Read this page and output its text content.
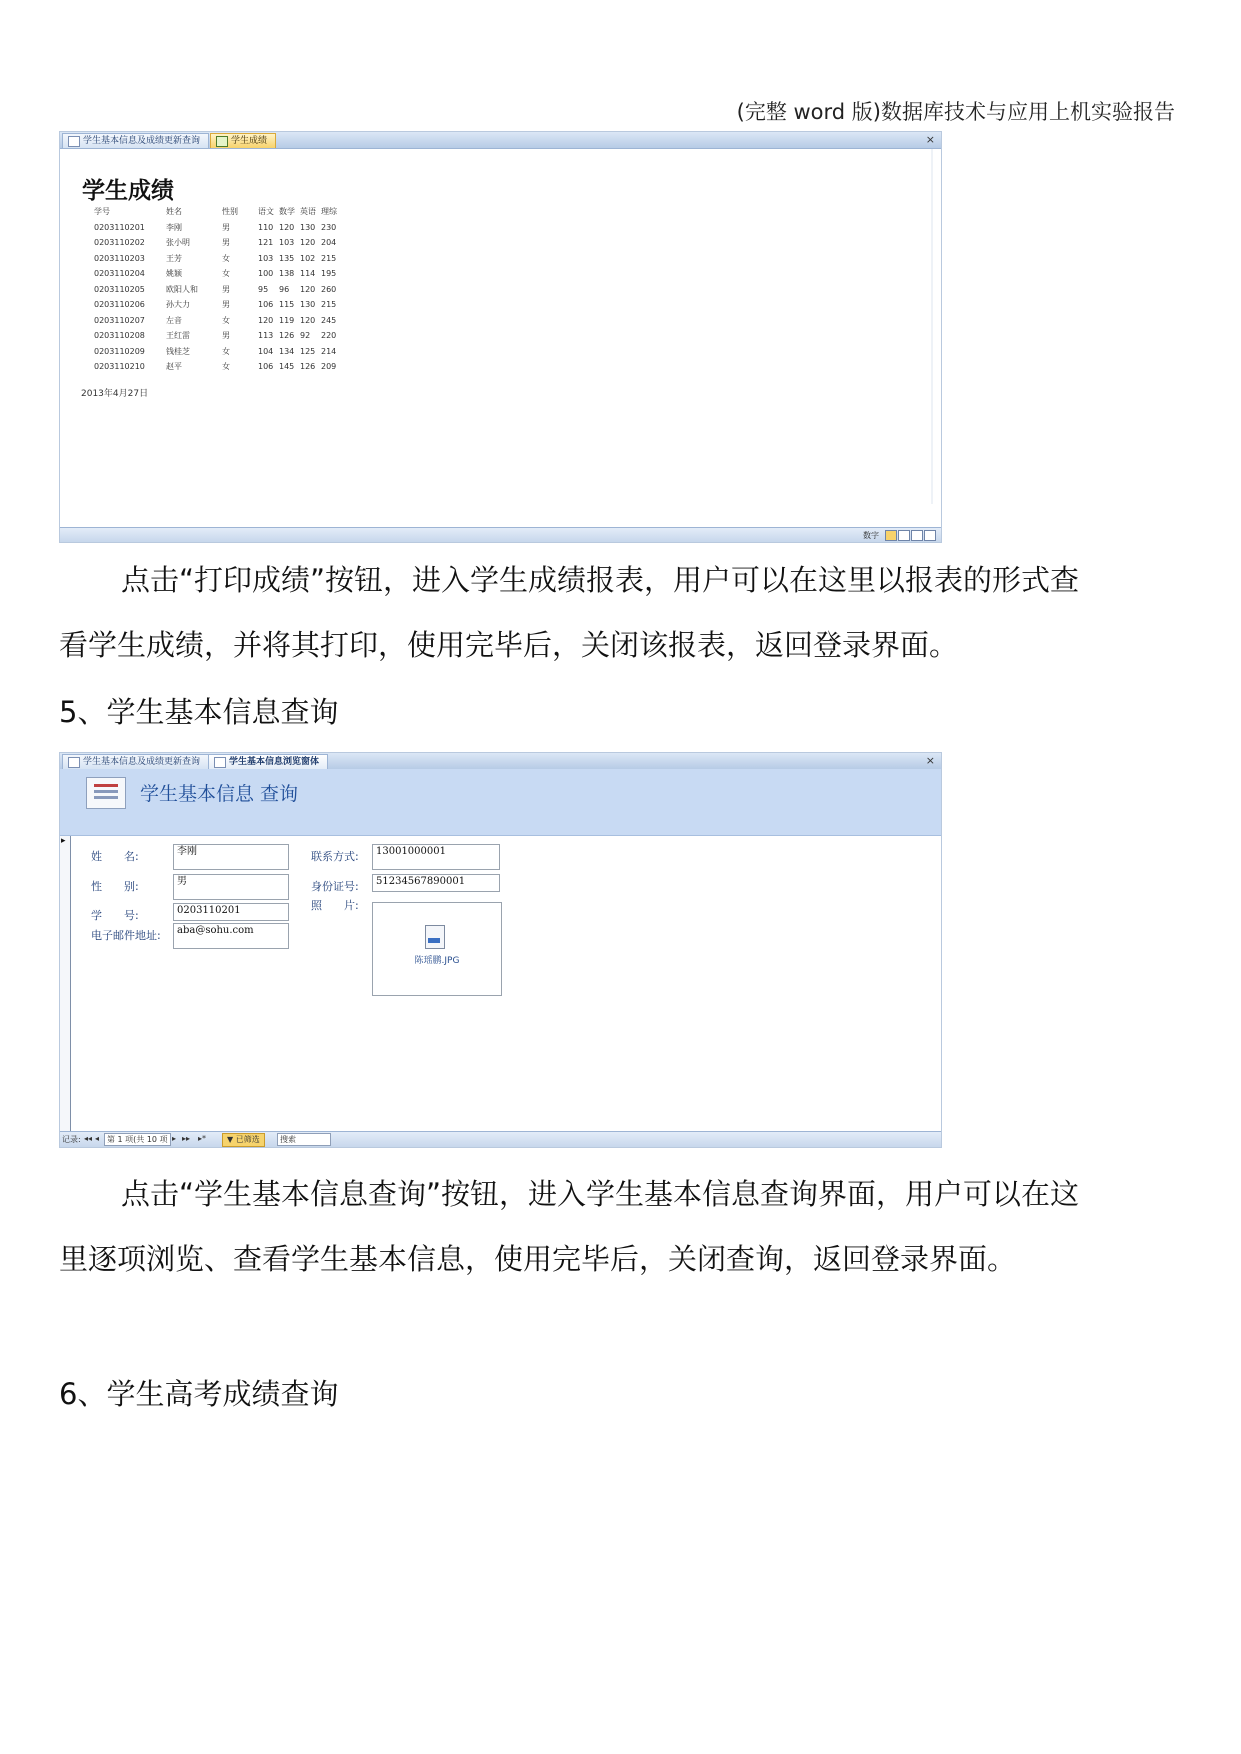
(完整 word 版)数据库技术与应用上机实验报告
学生基本信息及成绩更新查询	学生成绩	×
学生成绩
学号	姓名	性别	语文	数学	英语	理综
0203110201	李刚	男	110	120	130	230
0203110202	张小明	男	121	103	120	204
0203110203	王芳	女	103	135	102	215
0203110204	姚颖	女	100	138	114	195
0203110205	欧阳人和	男	95	96	120	260
0203110206	孙大力	男	106	115	130	215
0203110207	左音	女	120	119	120	245
0203110208	王红雷	男	113	126	92	220
0203110209	钱桂芝	女	104	134	125	214
0203110210	赵平	女	106	145	126	209
2013年4月27日
数字
点击“打印成绩”按钮，进入学生成绩报表，用户可以在这里以报表的形式查
看学生成绩，并将其打印，使用完毕后，关闭该报表，返回登录界面。
5、学生基本信息查询
学生基本信息及成绩更新查询	学生基本信息浏览窗体	×
学生基本信息 查询
▸
姓　　名:	李刚
性　　别:	男
学　　号:	0203110201
电子邮件地址:	aba@sohu.com
联系方式:	13001000001
身份证号:	51234567890001
照　　片:
陈瑶鹏.JPG
记录: ◂◂ ◂ 第 1 项(共 10 项 ▸ ▸▸ ▸*	▼ 已筛选	搜索
点击“学生基本信息查询”按钮，进入学生基本信息查询界面，用户可以在这
里逐项浏览、查看学生基本信息，使用完毕后，关闭查询，返回登录界面。
6、学生高考成绩查询
